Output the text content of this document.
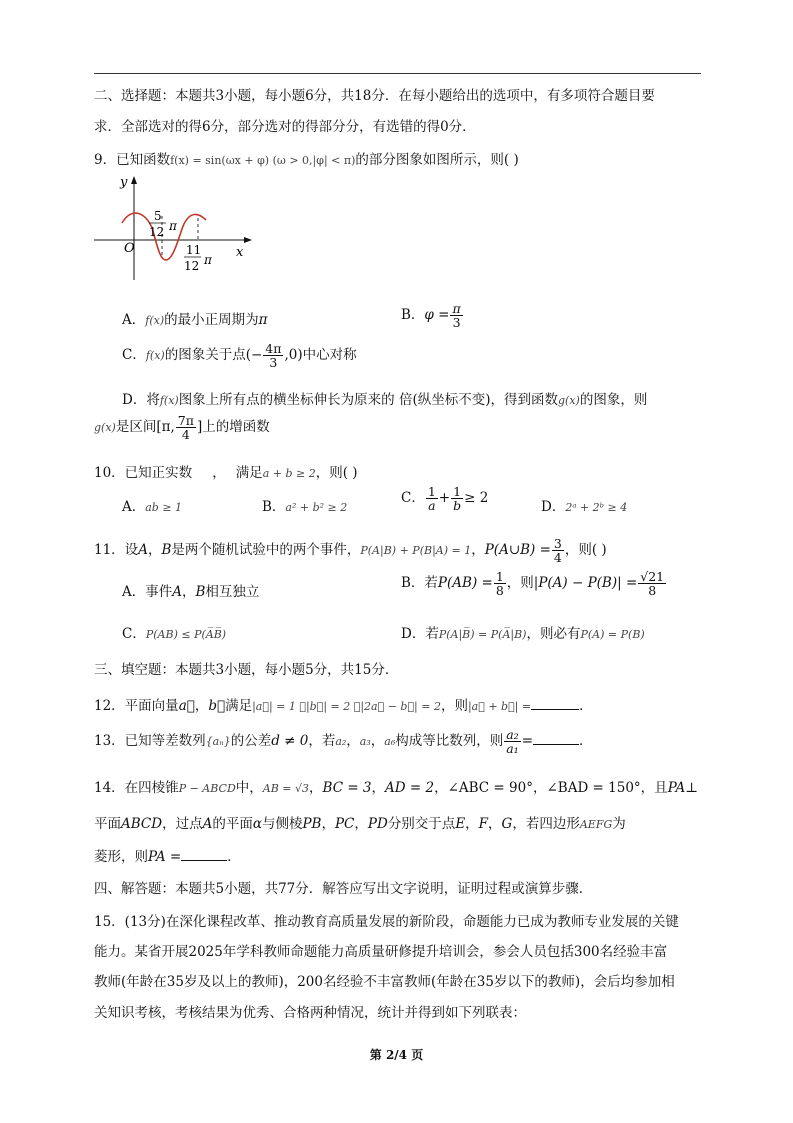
二、选择题：本题共3小题，每小题6分，共18分．在每小题给出的选项中，有多项符合题目要
求．全部选对的得6分，部分选对的得部分分，有选错的得0分．
9．已知函数f(x) = sin(ωx + φ) (ω > 0,|φ| < π)的部分图象如图所示，则( )
y
x
O
5
12 π
11
12 π
A．f(x)的最小正周期为π	B．$\varphi = \frac{\pi}{3}$
C．f(x)的图象关于点(− $\frac{4\pi}{3} ,0$)中心对称
D．将f(x)图象上所有点的横坐标伸长为原来的 倍(纵坐标不变)，得到函数g(x)的图象，则
g(x)是区间[π, $\frac{7\pi}{4}$ ]上的增函数
10．已知正实数 ， 满足a + b ≥ 2，则( )
A．ab ≥ 1	B．a² + b² ≥ 2
C． $\frac{1}{a} + \frac{1}{b} \ge 2$
D．2ᵃ + 2ᵇ ≥ 4
11．设A，B是两个随机试验中的两个事件，P(A|B) + P(B|A) = 1，P(A∪B) = $\frac{3}{4}$ ，则( )
A．事件A，B相互独立
B．若$P(AB) = \frac{1}{8}$ ，则$|P(A) - P(B)| = \frac{√21}{8}$
C．P(AB) ≤ P(A̅B̅)	D．若P(A|B̅) = P(A̅|B)，则必有P(A) = P(B)
三、填空题：本题共3小题，每小题5分，共15分．
12．平面向量a⃗，b⃗满足|a⃗| = 1 ，|b⃗| = 2 ，|2a⃗ − b⃗| = 2，则|a⃗ + b⃗| =	．
13．已知等差数列{aₙ}的公差d ≠ 0，若a₂，a₃，a₆构成等比数列，则 $\frac{\text{a₂}}{\text{a₁}}$ =	．
14．在四棱锥P − ABCD中，AB = √3，BC = 3，AD = 2，∠ABC = 90°，∠BAD = 150°，且PA⊥
平面ABCD，过点A的平面α与侧棱PB，PC，PD分别交于点E，F，G，若四边形AEFG为
菱形，则PA =	．
四、解答题：本题共5小题，共77分．解答应写出文字说明，证明过程或演算步骤．
15．(13分)在深化课程改革、推动教育高质量发展的新阶段，命题能力已成为教师专业发展的关键
能力。某省开展2025年学科教师命题能力高质量研修提升培训会，参会人员包括300名经验丰富
教师(年龄在35岁及以上的教师)，200名经验不丰富教师(年龄在35岁以下的教师)，会后均参加相
关知识考核，考核结果为优秀、合格两种情况，统计并得到如下列联表：
第 2/4 页
